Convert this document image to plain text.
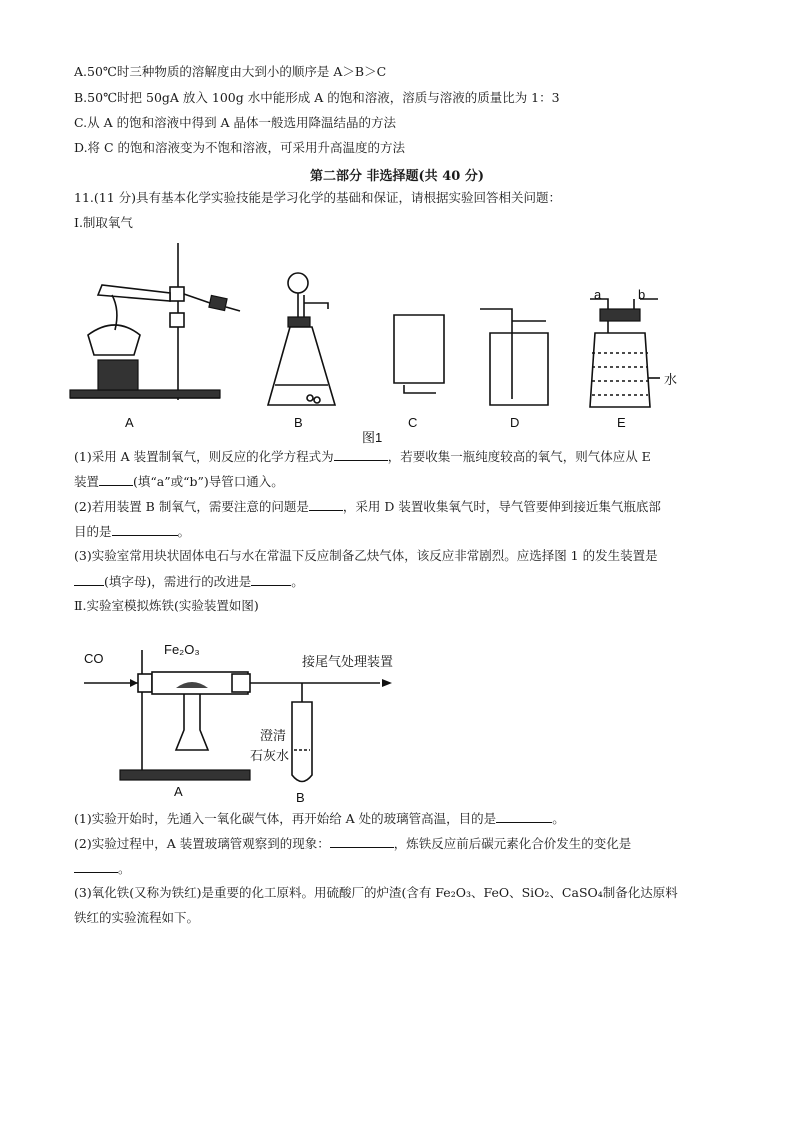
A.50℃时三种物质的溶解度由大到小的顺序是 A＞B＞C
B.50℃时把 50gA 放入 100g 水中能形成 A 的饱和溶液，溶质与溶液的质量比为 1：3
C.从 A 的饱和溶液中得到 A 晶体一般选用降温结晶的方法
D.将 C 的饱和溶液变为不饱和溶液，可采用升高温度的方法
第二部分 非选择题(共 40 分)
11.(11 分)具有基本化学实验技能是学习化学的基础和保证，请根据实验回答相关问题：
Ⅰ.制取氧气
A	B	C	D
a	b
水
E
图1
(1)采用 A 装置制氧气，则反应的化学方程式为	，若要收集一瓶纯度较高的氧气，则气体应从 E
装置	(填“a”或“b”)导管口通入。
(2)若用装置 B 制氧气，需要注意的问题是	，采用 D 装置收集氧气时，导气管要伸到接近集气瓶底部
目的是	。
(3)实验室常用块状固体电石与水在常温下反应制备乙炔气体，该反应非常剧烈。应选择图 1 的发生装置是
(填字母)，需进行的改进是	。
Ⅱ.实验室模拟炼铁(实验装置如图)
CO
Fe₂O₃
接尾气处理装置
澄清
石灰水
A	B
(1)实验开始时，先通入一氧化碳气体，再开始给 A 处的玻璃管高温，目的是	。
(2)实验过程中，A 装置玻璃管观察到的现象：	，炼铁反应前后碳元素化合价发生的变化是
。
(3)氧化铁(又称为铁红)是重要的化工原料。用硫酸厂的炉渣(含有 Fe₂O₃、FeO、SiO₂、CaSO₄制备化达原料
铁红的实验流程如下。
